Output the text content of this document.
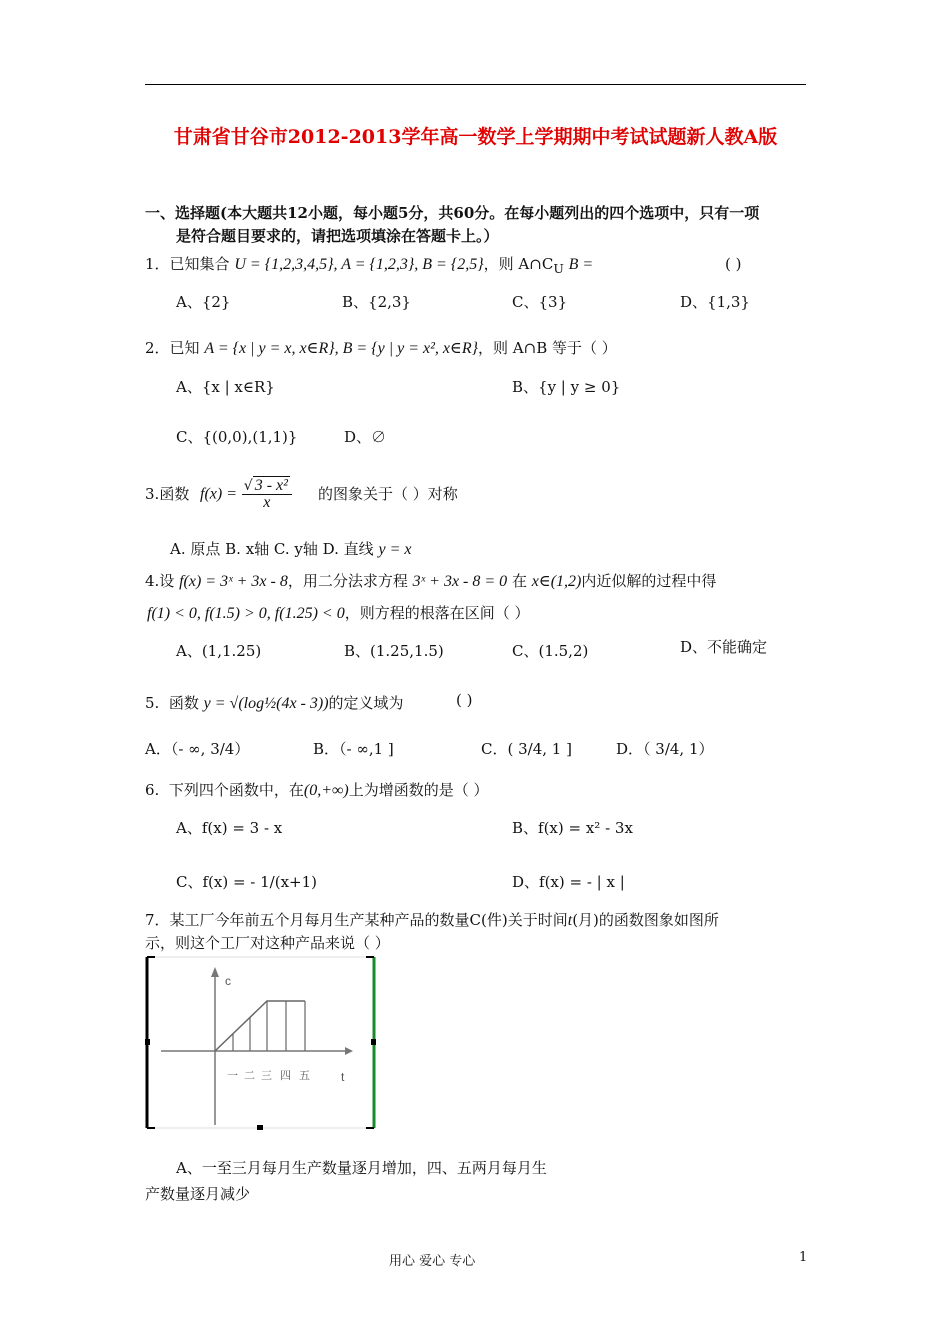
甘肃省甘谷市2012-2013学年高一数学上学期期中考试试题新人教A版
一、选择题(本大题共12小题，每小题5分，共60分。在每小题列出的四个选项中，只有一项
是符合题目要求的，请把选项填涂在答题卡上。）
1．已知集合 U = {1,2,3,4,5}, A = {1,2,3}, B = {2,5}，则 $A\cap C_U$ B =	( )
A、{2}	B、{2,3}	C、{3}	D、{1,3}
2．已知 A = {x | y = x, x∈R}, B = {y | y = x², x∈R}，则 A∩B 等于（ ）
A、{x | x∈R}	B、{y | y ≥ 0}
C、{(0,0),(1,1)}	D、∅
3.函数 $f(x) = \frac{\text{√ 3 - x²}}{x}$ 的图象关于（ ）对称
A. 原点 B. x轴 C. y轴 D. 直线 y = x
4.设 f(x) = 3ˣ + 3x - 8，用二分法求方程 3ˣ + 3x - 8 = 0 在 x∈(1,2)内近似解的过程中得
f(1) < 0, f(1.5) > 0, f(1.25) < 0，则方程的根落在区间（ ）
A、(1,1.25)	B、(1.25,1.5)	C、(1.5,2)	D、不能确定
5. 函数 y = √(log½(4x - 3))的定义域为	( )
A．（- ∞, 3/4）	B．（- ∞,1 ]	C．( 3/4, 1 ]	D．（ 3/4, 1）
6. 下列四个函数中，在(0,+∞)上为增函数的是（ ）
A、f(x) = 3 - x	B、f(x) = x² - 3x
C、f(x) = - 1/(x+1)	D、f(x) = - | x |
7．某工厂今年前五个月每月生产某种产品的数量C(件)关于时间t(月)的函数图象如图所
示，则这个工厂对这种产品来说（ ）
c
t
一 二 三 四 五
A、一至三月每月生产数量逐月增加，四、五两月每月生
产数量逐月减少
用心 爱心 专心	1
